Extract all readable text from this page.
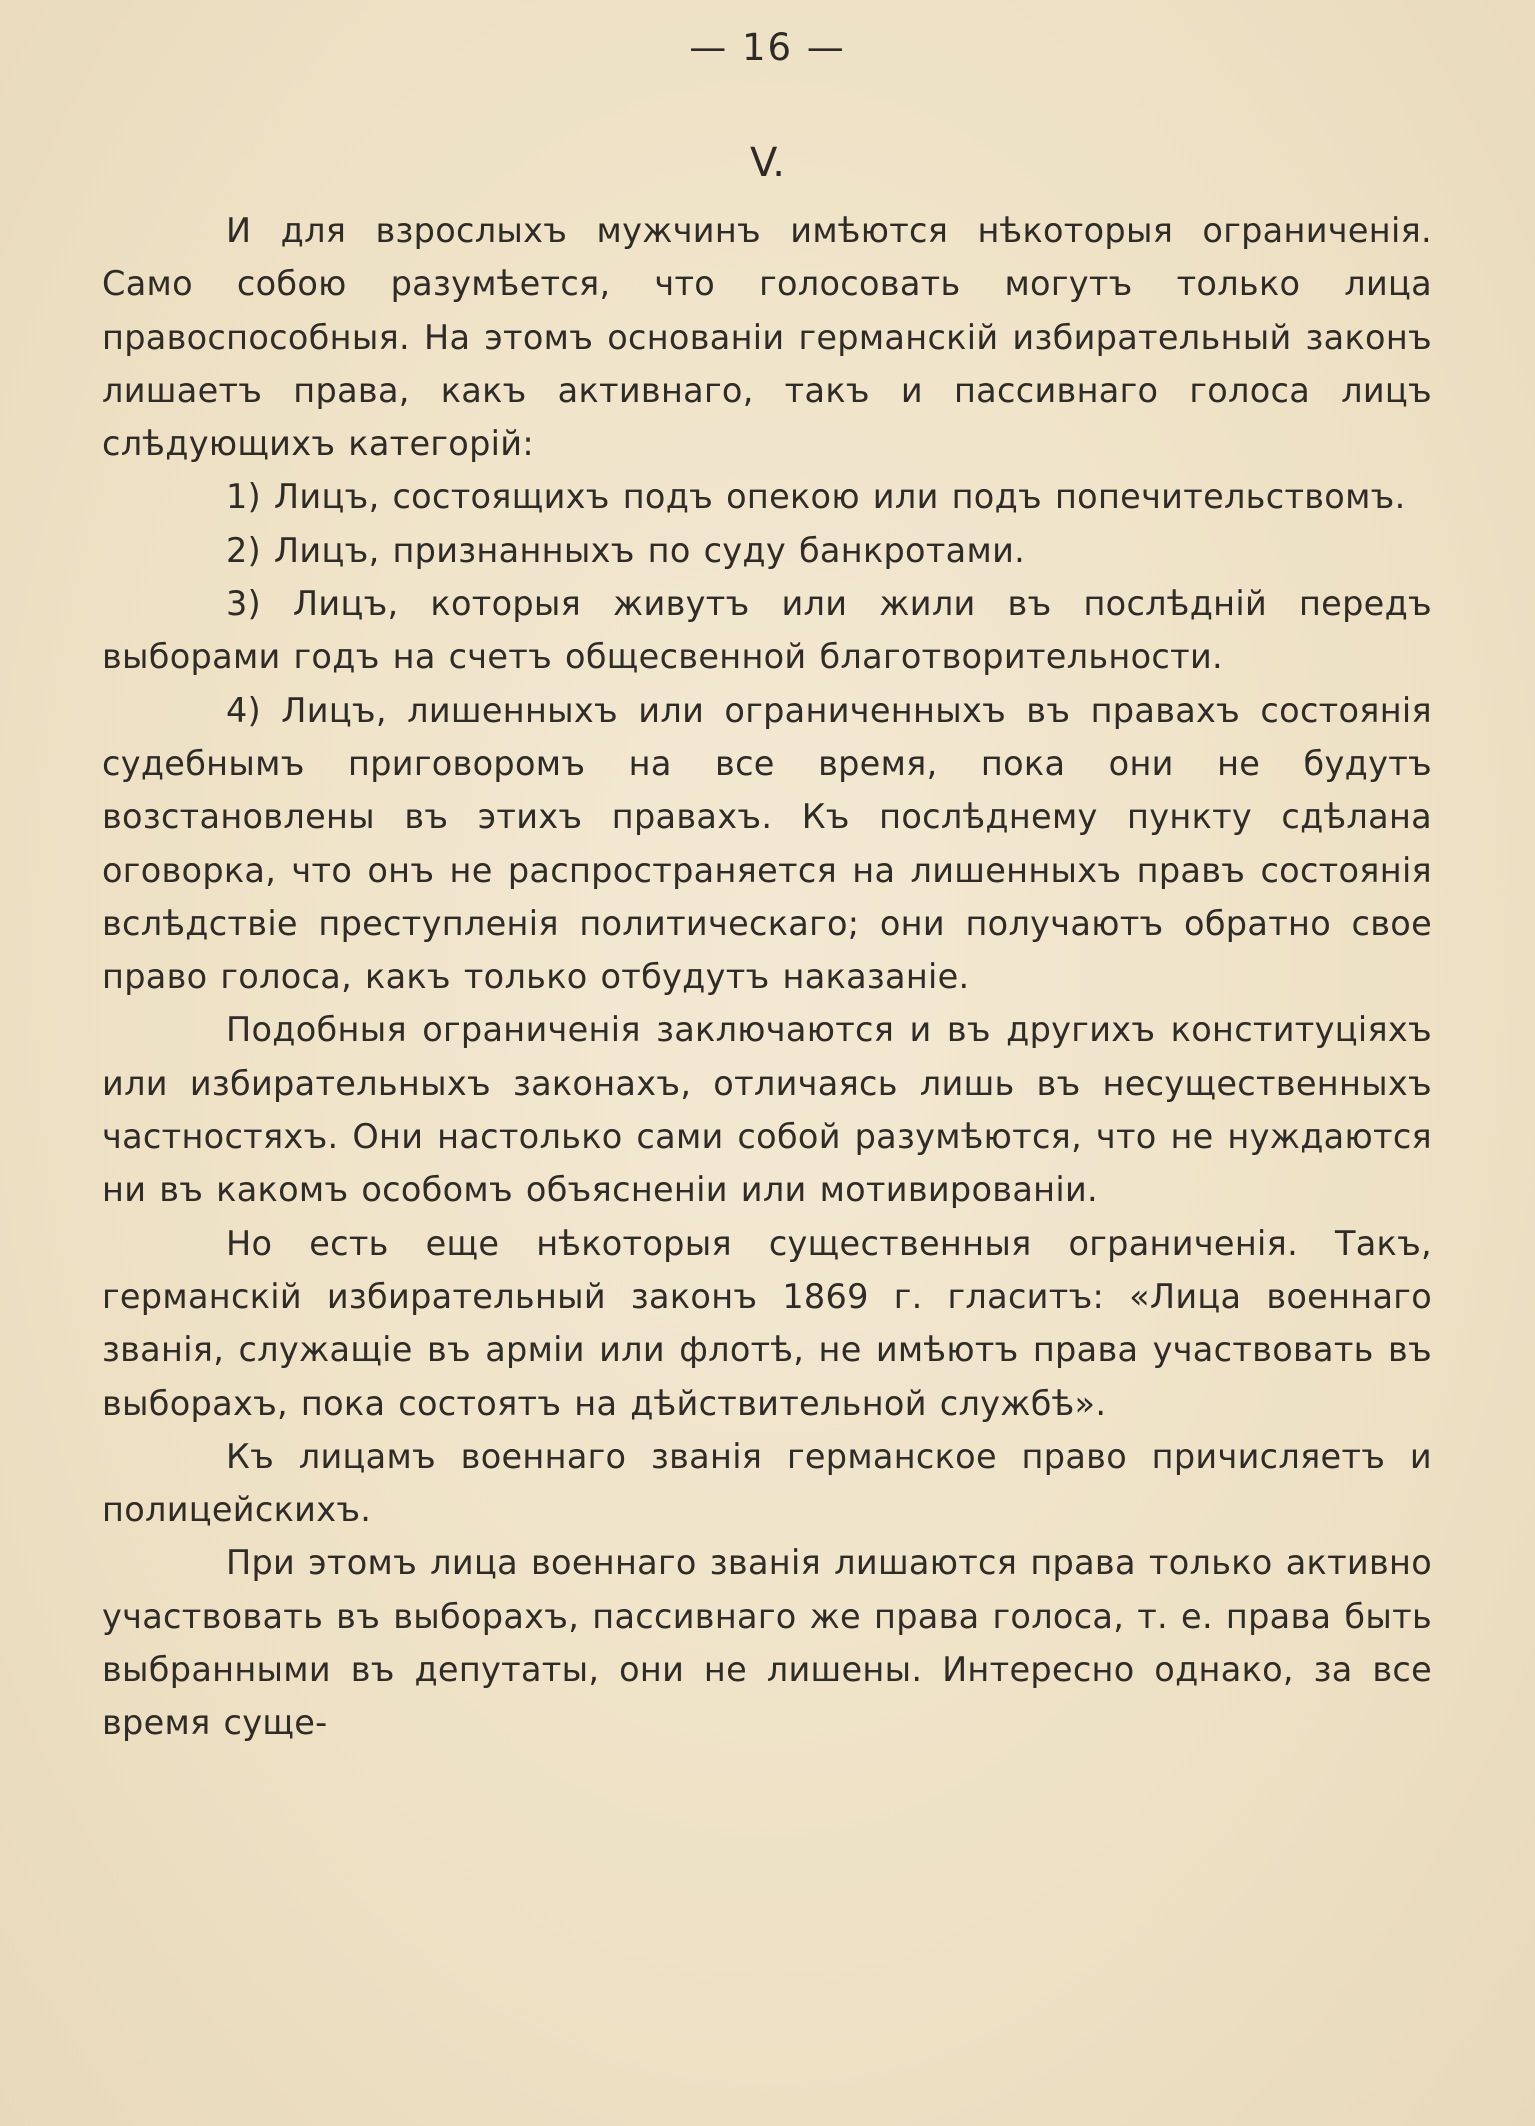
— 16 —
V.

И для взрослыхъ мужчинъ имѣются нѣкоторыя ограниченія. Само собою разумѣется, что голосовать могутъ только лица правоспособныя. На этомъ основаніи германскій избирательный законъ лишаетъ права, какъ активнаго, такъ и пассивнаго голоса лицъ слѣдующихъ категорій:

1) Лицъ, состоящихъ подъ опекою или подъ попечительствомъ.

2) Лицъ, признанныхъ по суду банкротами.

3) Лицъ, которыя живутъ или жили въ послѣдній передъ выборами годъ на счетъ общесвенной благотворительности.

4) Лицъ, лишенныхъ или ограниченныхъ въ правахъ состоянія судебнымъ приговоромъ на все время, пока они не будутъ возстановлены въ этихъ правахъ. Къ послѣднему пункту сдѣлана оговорка, что онъ не распространяется на лишенныхъ правъ состоянія вслѣдствіе преступленія политическаго; они получаютъ обратно свое право голоса, какъ только отбудутъ наказаніе.

Подобныя ограниченія заключаются и въ другихъ конституціяхъ или избирательныхъ законахъ, отличаясь лишь въ несущественныхъ частностяхъ. Они настолько сами собой разумѣются, что не нуждаются ни въ какомъ особомъ объясненіи или мотивированіи.

Но есть еще нѣкоторыя существенныя ограниченія. Такъ, германскій избирательный законъ 1869 г. гласитъ: «Лица военнаго званія, служащіе въ арміи или флотѣ, не имѣютъ права участвовать въ выборахъ, пока состоятъ на дѣйствительной службѣ».

Къ лицамъ военнаго званія германское право причисляетъ и полицейскихъ.

При этомъ лица военнаго званія лишаются права только активно участвовать въ выборахъ, пассивнаго же права голоса, т. е. права быть выбранными въ депутаты, они не лишены. Интересно однако, за все время суще-
